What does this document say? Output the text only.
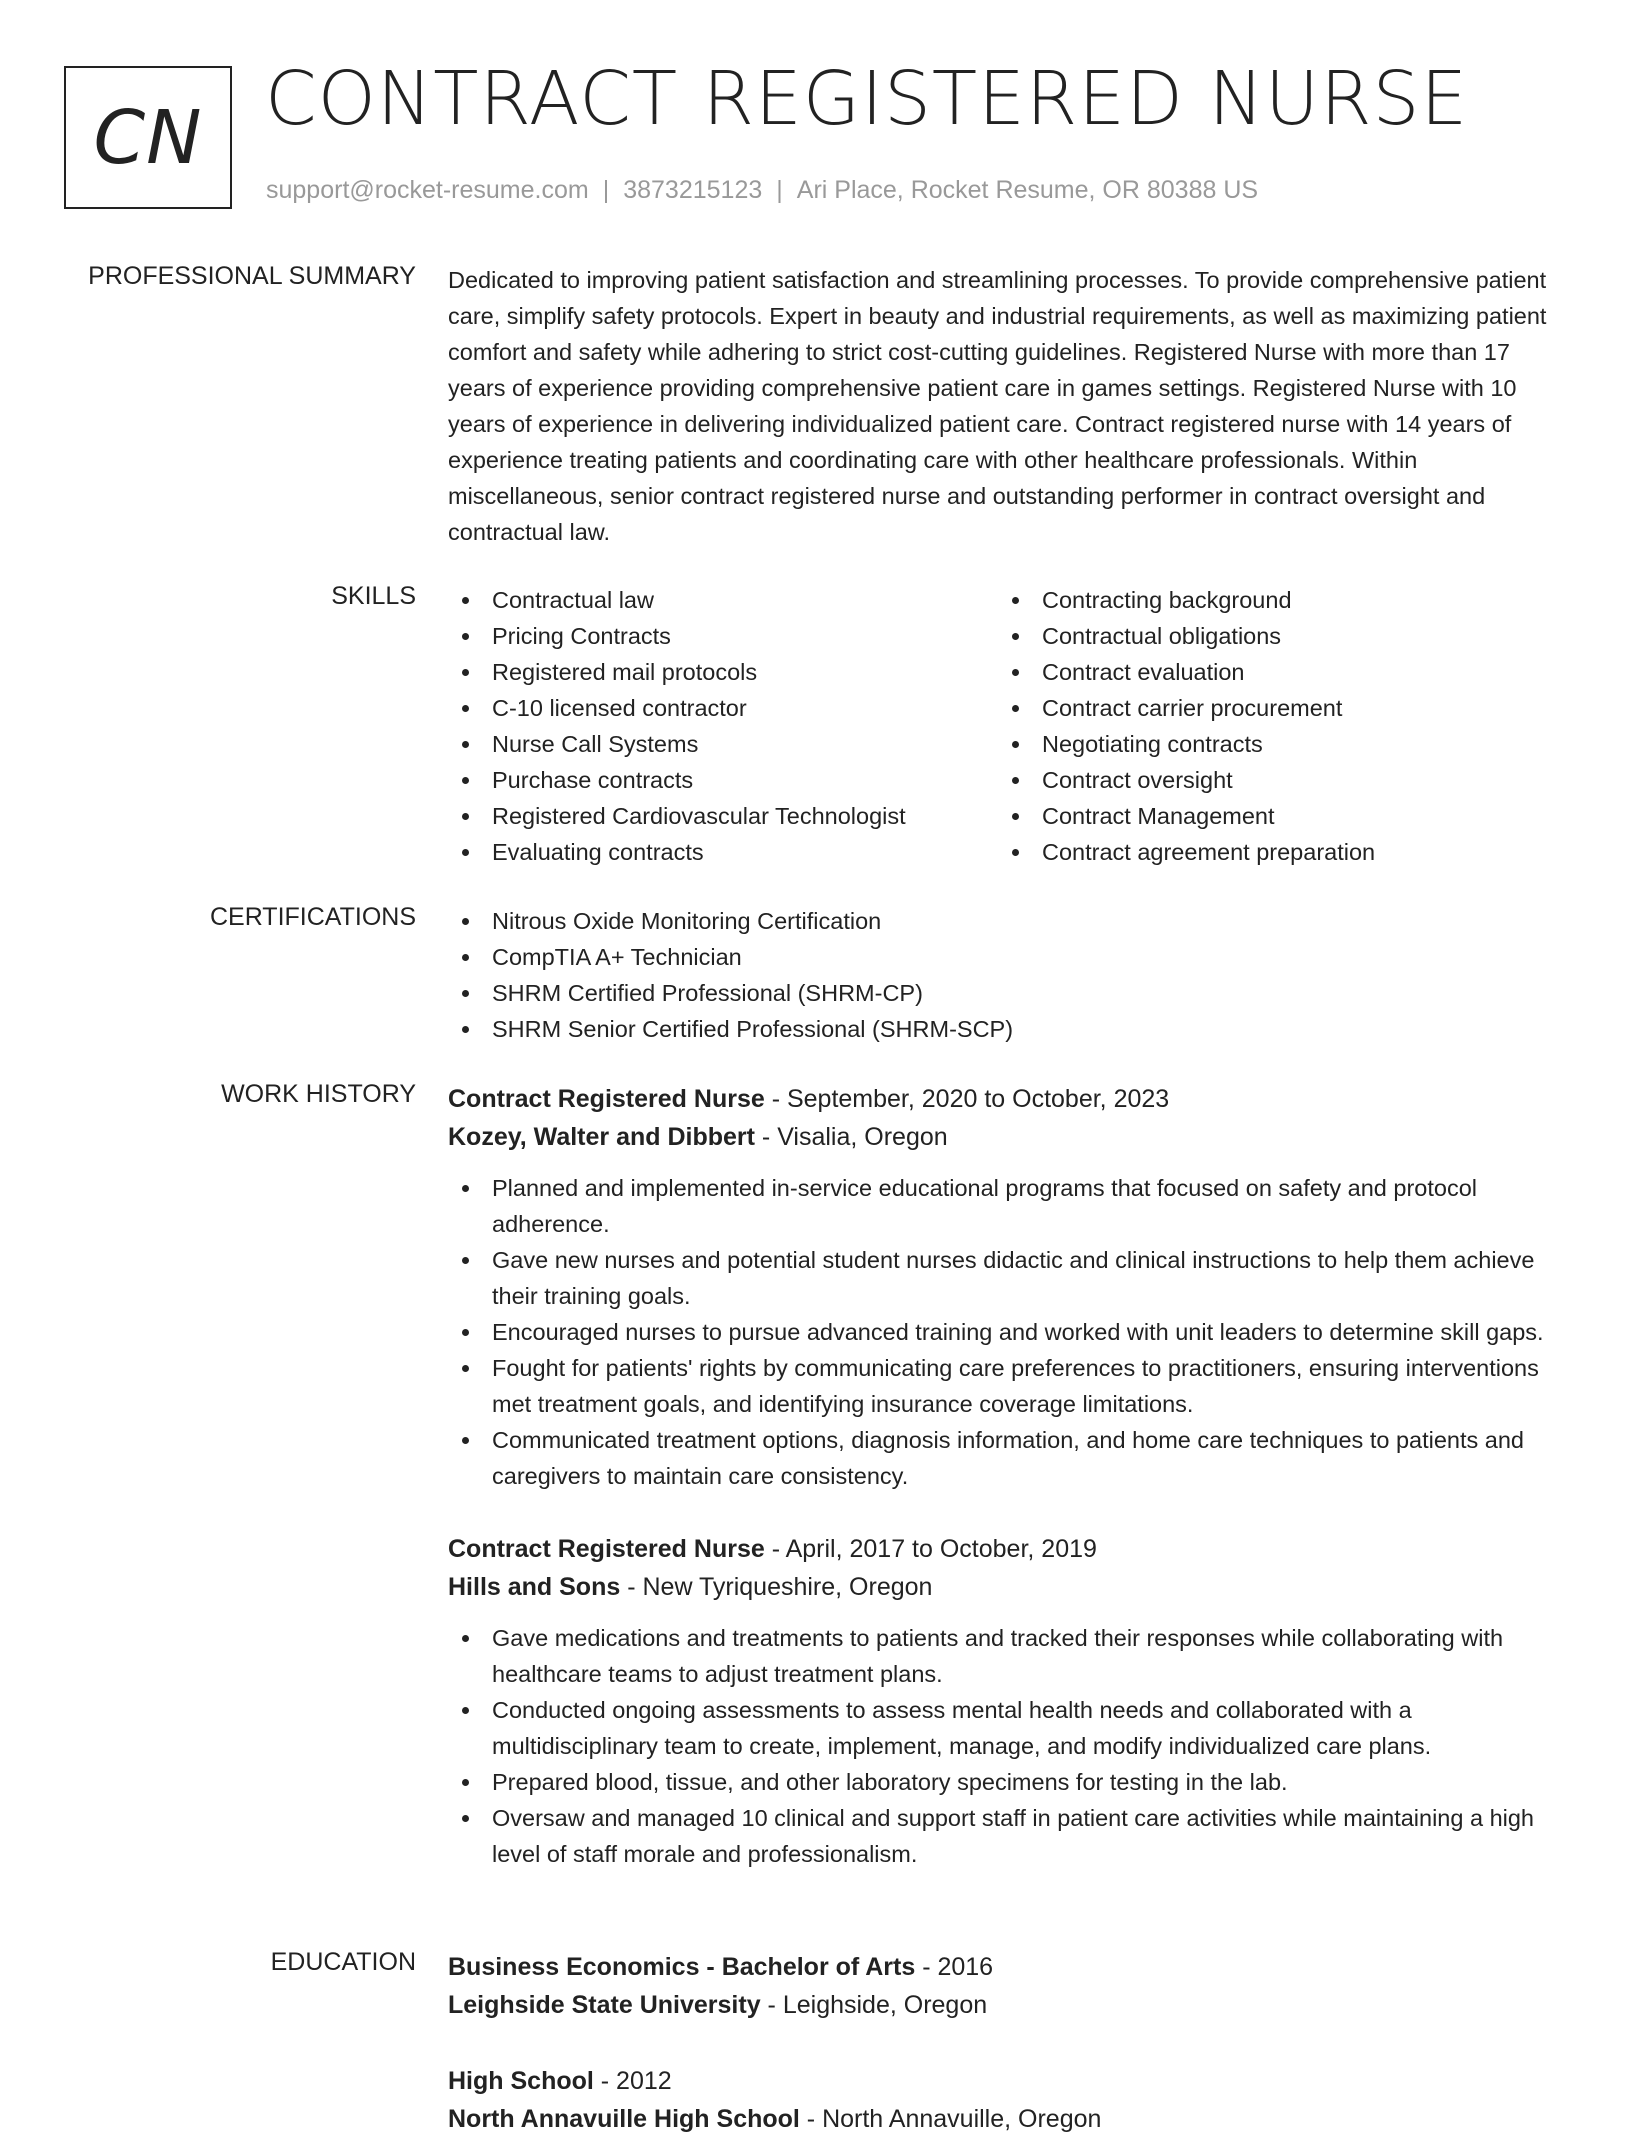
CN CONTRACT REGISTERED NURSE
support@rocket-resume.com | 3873215123 | Ari Place, Rocket Resume, OR 80388 US
PROFESSIONAL SUMMARY Dedicated to improving patient satisfaction and streamlining processes. To provide comprehensive patient care, simplify safety protocols. Expert in beauty and industrial requirements, as well as maximizing patient comfort and safety while adhering to strict cost-cutting guidelines. Registered Nurse with more than 17 years of experience providing comprehensive patient care in games settings. Registered Nurse with 10 years of experience in delivering individualized patient care. Contract registered nurse with 14 years of experience treating patients and coordinating care with other healthcare professionals. Within miscellaneous, senior contract registered nurse and outstanding performer in contract oversight and contractual law.
SKILLS	Contractual law
Pricing Contracts
Registered mail protocols
C-10 licensed contractor
Nurse Call Systems
Purchase contracts
Registered Cardiovascular Technologist
Evaluating contracts
Contracting background
Contractual obligations
Contract evaluation
Contract carrier procurement
Negotiating contracts
Contract oversight
Contract Management
Contract agreement preparation
CERTIFICATIONS	Nitrous Oxide Monitoring Certification
CompTIA A+ Technician
SHRM Certified Professional (SHRM-CP)
SHRM Senior Certified Professional (SHRM-SCP)
WORK HISTORY Contract Registered Nurse - September, 2020 to October, 2023
Kozey, Walter and Dibbert - Visalia, Oregon
Planned and implemented in-service educational programs that focused on safety and protocol adherence.
Gave new nurses and potential student nurses didactic and clinical instructions to help them achieve their training goals.
Encouraged nurses to pursue advanced training and worked with unit leaders to determine skill gaps.
Fought for patients' rights by communicating care preferences to practitioners, ensuring interventions met treatment goals, and identifying insurance coverage limitations.
Communicated treatment options, diagnosis information, and home care techniques to patients and caregivers to maintain care consistency.
Contract Registered Nurse - April, 2017 to October, 2019
Hills and Sons - New Tyriqueshire, Oregon
Gave medications and treatments to patients and tracked their responses while collaborating with healthcare teams to adjust treatment plans.
Conducted ongoing assessments to assess mental health needs and collaborated with a multidisciplinary team to create, implement, manage, and modify individualized care plans.
Prepared blood, tissue, and other laboratory specimens for testing in the lab.
Oversaw and managed 10 clinical and support staff in patient care activities while maintaining a high level of staff morale and professionalism.
EDUCATION Business Economics - Bachelor of Arts - 2016
Leighside State University - Leighside, Oregon
High School - 2012
North Annavuille High School - North Annavuille, Oregon
